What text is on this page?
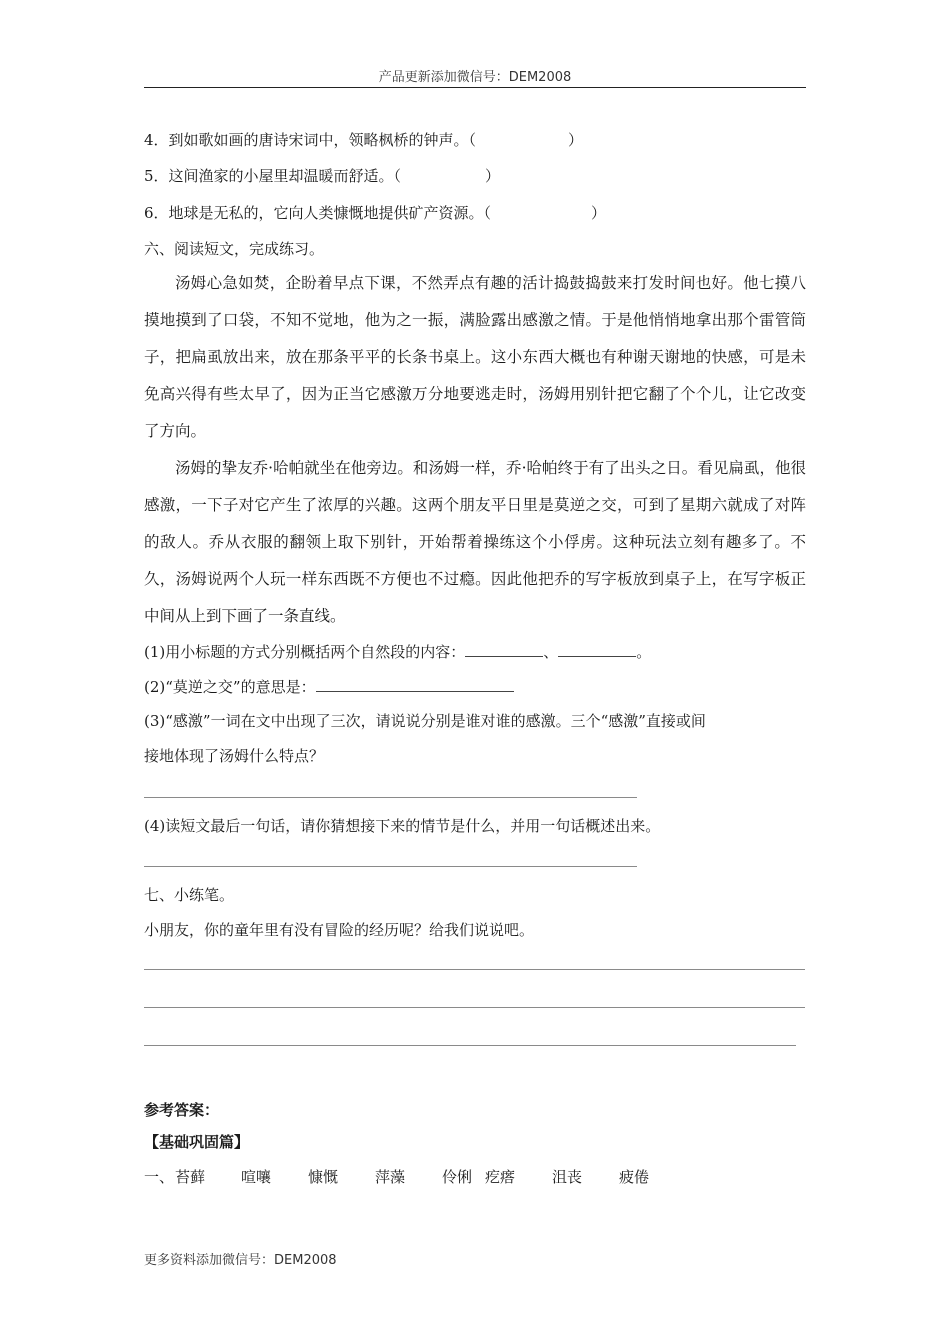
产品更新添加微信号：DEM2008
4．到如歌如画的唐诗宋词中，领略枫桥的钟声。（	）
5．这间渔家的小屋里却温暖而舒适。（	）
6．地球是无私的，它向人类慷慨地提供矿产资源。（	）
六、阅读短文，完成练习。
汤姆心急如焚，企盼着早点下课，不然弄点有趣的活计捣鼓捣鼓来打发时间也好。他七摸八摸地摸到了口袋，不知不觉地，他为之一振，满脸露出感激之情。于是他悄悄地拿出那个雷管筒子，把扁虱放出来，放在那条平平的长条书桌上。这小东西大概也有种谢天谢地的快感，可是未免高兴得有些太早了，因为正当它感激万分地要逃走时，汤姆用别针把它翻了个个儿，让它改变了方向。
汤姆的挚友乔·哈帕就坐在他旁边。和汤姆一样，乔·哈帕终于有了出头之日。看见扁虱，他很感激，一下子对它产生了浓厚的兴趣。这两个朋友平日里是莫逆之交，可到了星期六就成了对阵的敌人。乔从衣服的翻领上取下别针，开始帮着操练这个小俘虏。这种玩法立刻有趣多了。不久，汤姆说两个人玩一样东西既不方便也不过瘾。因此他把乔的写字板放到桌子上，在写字板正中间从上到下画了一条直线。
(1)用小标题的方式分别概括两个自然段的内容：	、	。
(2)“莫逆之交”的意思是：
(3)“感激”一词在文中出现了三次，请说说分别是谁对谁的感激。三个“感激”直接或间
接地体现了汤姆什么特点？
(4)读短文最后一句话，请你猜想接下来的情节是什么，并用一句话概述出来。
七、小练笔。
小朋友，你的童年里有没有冒险的经历呢？给我们说说吧。
参考答案：
【基础巩固篇】
一、 苔藓 喧嚷 慷慨 萍藻 伶俐 疙瘩 沮丧 疲倦
更多资料添加微信号：DEM2008
